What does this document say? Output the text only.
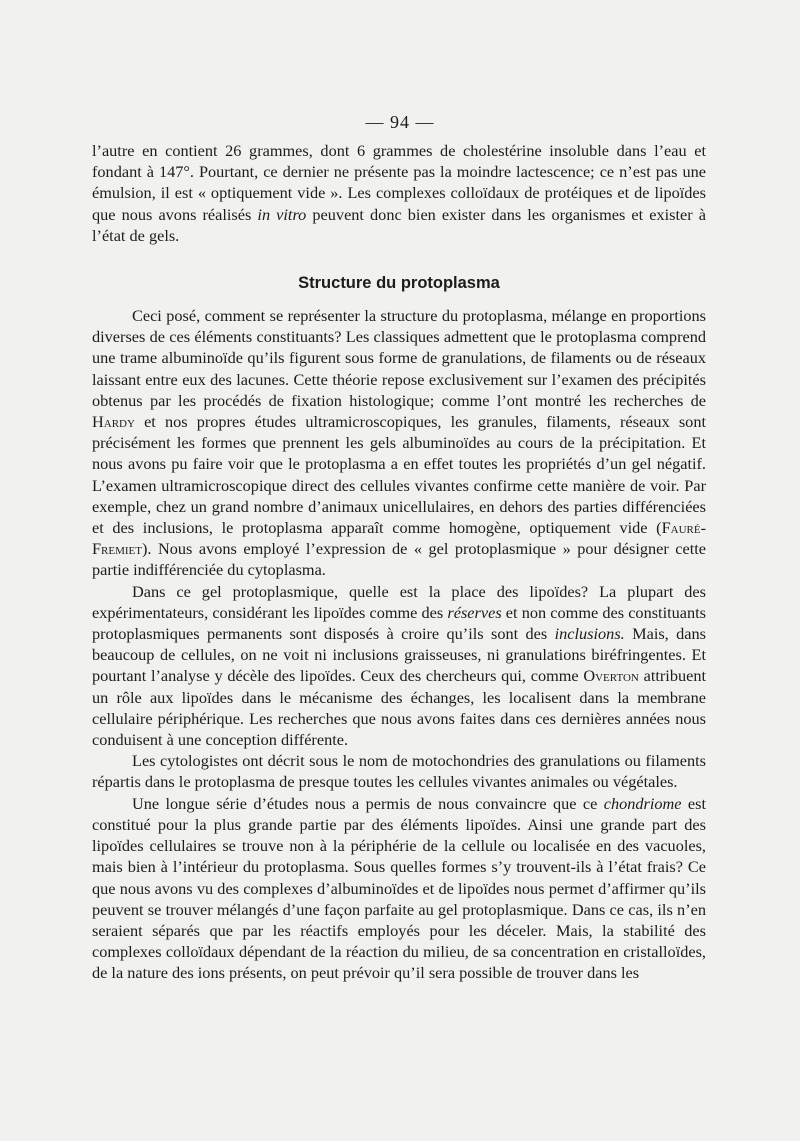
— 94 —

l’autre en contient 26 grammes, dont 6 grammes de cholestérine insoluble dans l’eau et fondant à 147°. Pourtant, ce dernier ne présente pas la moindre lactescence; ce n’est pas une émulsion, il est « optiquement vide ». Les complexes colloïdaux de protéiques et de lipoïdes que nous avons réalisés in vitro peuvent donc bien exister dans les organismes et exister à l’état de gels.

Structure du protoplasma

Ceci posé, comment se représenter la structure du protoplasma, mélange en proportions diverses de ces éléments constituants? Les classiques admettent que le protoplasma comprend une trame albuminoïde qu’ils figurent sous forme de granulations, de filaments ou de réseaux laissant entre eux des lacunes. Cette théorie repose exclusivement sur l’examen des précipités obtenus par les procédés de fixation histologique; comme l’ont montré les recherches de Hardy et nos propres études ultramicroscopiques, les granules, filaments, réseaux sont précisément les formes que prennent les gels albuminoïdes au cours de la précipitation. Et nous avons pu faire voir que le protoplasma a en effet toutes les propriétés d’un gel négatif. L’examen ultramicroscopique direct des cellules vivantes confirme cette manière de voir. Par exemple, chez un grand nombre d’animaux unicellulaires, en dehors des parties différenciées et des inclusions, le protoplasma apparaît comme homogène, optiquement vide (Fauré-Fremiet). Nous avons employé l’expression de « gel protoplasmique » pour désigner cette partie indifférenciée du cytoplasma.

Dans ce gel protoplasmique, quelle est la place des lipoïdes? La plupart des expérimentateurs, considérant les lipoïdes comme des réserves et non comme des constituants protoplasmiques permanents sont disposés à croire qu’ils sont des inclusions. Mais, dans beaucoup de cellules, on ne voit ni inclusions graisseuses, ni granulations biréfringentes. Et pourtant l’analyse y décèle des lipoïdes. Ceux des chercheurs qui, comme Overton attribuent un rôle aux lipoïdes dans le mécanisme des échanges, les localisent dans la membrane cellulaire périphérique. Les recherches que nous avons faites dans ces dernières années nous conduisent à une conception différente.

Les cytologistes ont décrit sous le nom de motochondries des granulations ou filaments répartis dans le protoplasma de presque toutes les cellules vivantes animales ou végétales.

Une longue série d’études nous a permis de nous convaincre que ce chondriome est constitué pour la plus grande partie par des éléments lipoïdes. Ainsi une grande part des lipoïdes cellulaires se trouve non à la périphérie de la cellule ou localisée en des vacuoles, mais bien à l’intérieur du protoplasma. Sous quelles formes s’y trouvent-ils à l’état frais? Ce que nous avons vu des complexes d’albuminoïdes et de lipoïdes nous permet d’affirmer qu’ils peuvent se trouver mélangés d’une façon parfaite au gel protoplasmique. Dans ce cas, ils n’en seraient séparés que par les réactifs employés pour les déceler. Mais, la stabilité des complexes colloïdaux dépendant de la réaction du milieu, de sa concentration en cristalloïdes, de la nature des ions présents, on peut prévoir qu’il sera possible de trouver dans les
